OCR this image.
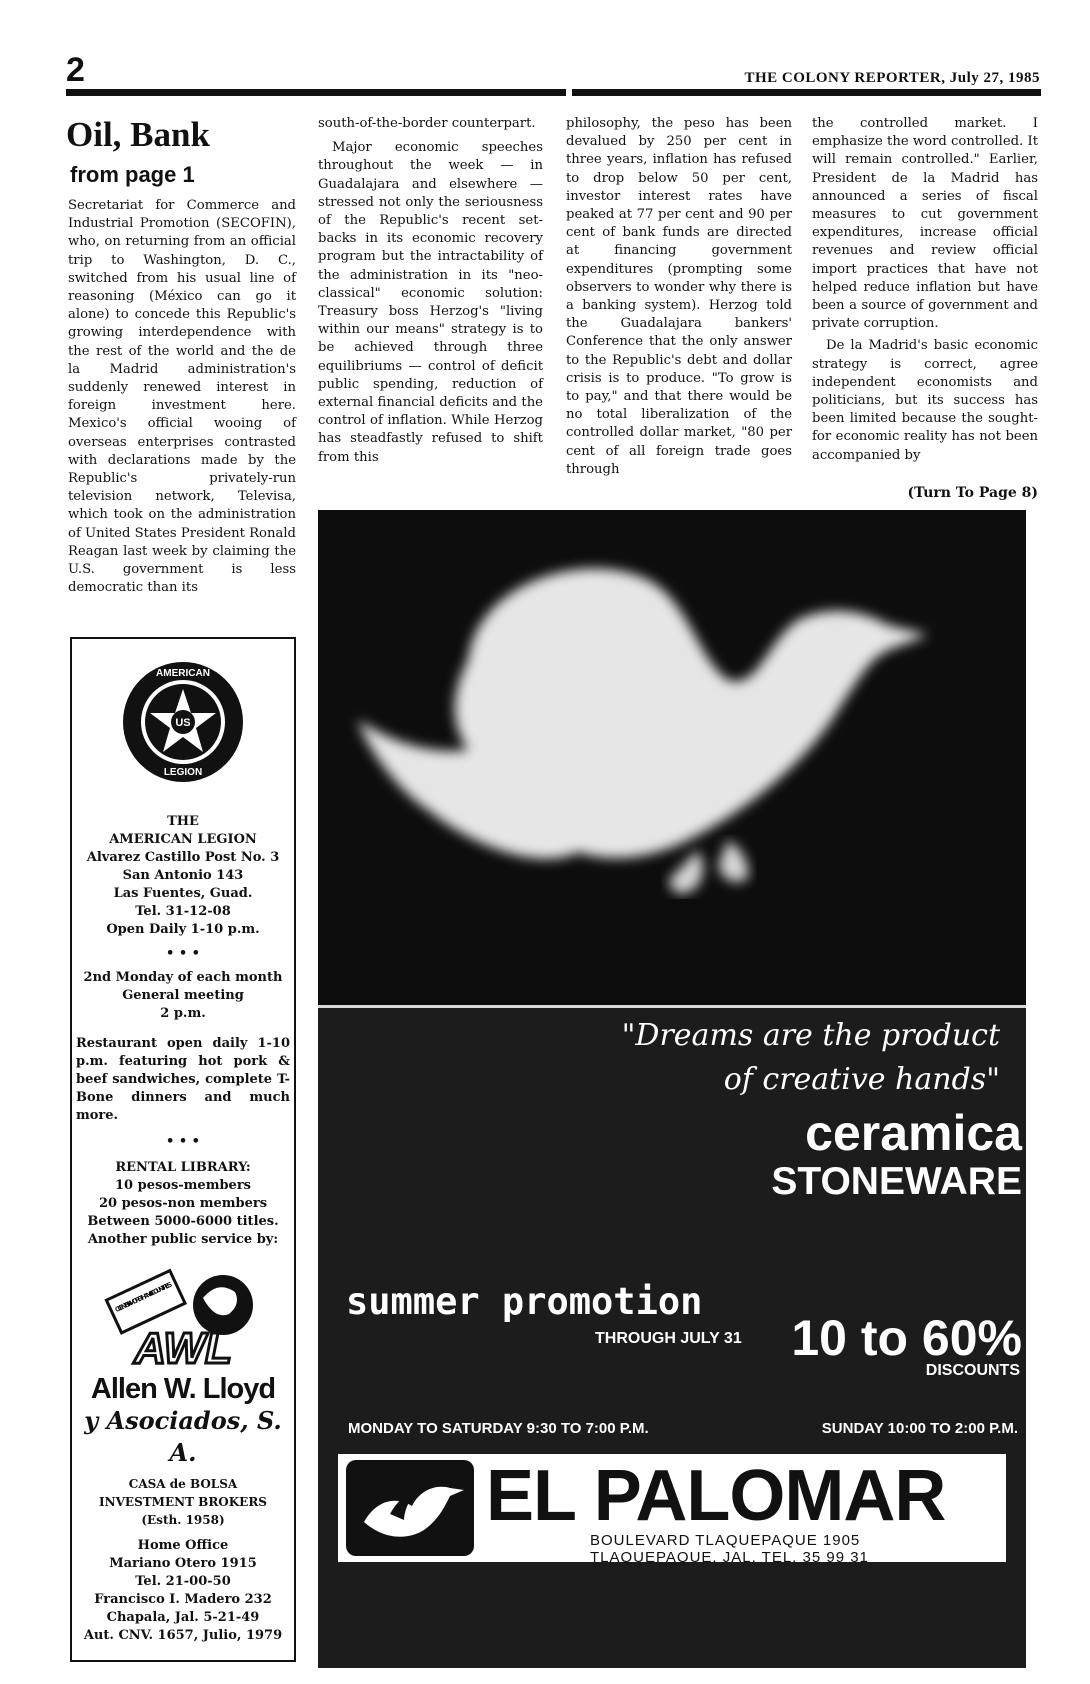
2	THE COLONY REPORTER, July 27, 1985
Oil, Bank
from page 1

Secretariat for Commerce and Industrial Promotion (SECOFIN), who, on returning from an official trip to Washington, D. C., switched from his usual line of reasoning (México can go it alone) to concede this Republic's growing interdependence with the rest of the world and the de la Madrid administration's suddenly renewed interest in foreign investment here. Mexico's official wooing of overseas enterprises contrasted with declarations made by the Republic's privately-run television network, Televisa, which took on the administration of United States President Ronald Reagan last week by claiming the U.S. government is less democratic than its

south-of-the-border counterpart.

Major economic speeches throughout the week — in Guadalajara and elsewhere — stressed not only the seriousness of the Republic's recent set-backs in its economic recovery program but the intractability of the administration in its "neo-classical" economic solution: Treasury boss Herzog's "living within our means" strategy is to be achieved through three equilibriums — control of deficit public spending, reduction of external financial deficits and the control of inflation. While Herzog has steadfastly refused to shift from this

philosophy, the peso has been devalued by 250 per cent in three years, inflation has refused to drop below 50 per cent, investor interest rates have peaked at 77 per cent and 90 per cent of bank funds are directed at financing government expenditures (prompting some observers to wonder why there is a banking system). Herzog told the Guadalajara bankers' Conference that the only answer to the Republic's debt and dollar crisis is to produce. "To grow is to pay," and that there would be no total liberalization of the controlled dollar market, "80 per cent of all foreign trade goes through

the controlled market. I emphasize the word controlled. It will remain controlled." Earlier, President de la Madrid has announced a series of fiscal measures to cut government expenditures, increase official revenues and review official import practices that have not helped reduce inflation but have been a source of government and private corruption.

De la Madrid's basic economic strategy is correct, agree independent economists and politicians, but its success has been limited because the sought-for economic reality has not been accompanied by

(Turn To Page 8)
US
AMERICAN
LEGION
THE
AMERICAN LEGION
Alvarez Castillo Post No. 3
San Antonio 143
Las Fuentes, Guad.
Tel. 31-12-08
Open Daily 1-10 p.m.
• • •
2nd Monday of each month
General meeting
2 p.m.
Restaurant open daily 1-10 p.m. featuring hot pork & beef sandwiches, complete T-Bone dinners and much more.
• • •
RENTAL LIBRARY:
10 pesos-members
20 pesos-non members
Between 5000-6000 titles.
Another public service by:
CLIENTS IN MORE THAN 40 COUNTRIES
AWL
Allen W. Lloyd
y Asociados, S. A.
CASA de BOLSA
INVESTMENT BROKERS
(Esth. 1958)
Home Office
Mariano Otero 1915
Tel. 21-00-50
Francisco I. Madero 232
Chapala, Jal. 5-21-49
Aut. CNV. 1657, Julio, 1979
"Dreams are the product
of creative hands"
ceramica
STONEWARE
summer promotion
THROUGH JULY 31 10 to 60%
DISCOUNTS
MONDAY TO SATURDAY 9:30 TO 7:00 P.M.	SUNDAY 10:00 TO 2:00 P.M.
EL PALOMAR
BOULEVARD TLAQUEPAQUE 1905
TLAQUEPAQUE, JAL. TEL. 35 99 31
